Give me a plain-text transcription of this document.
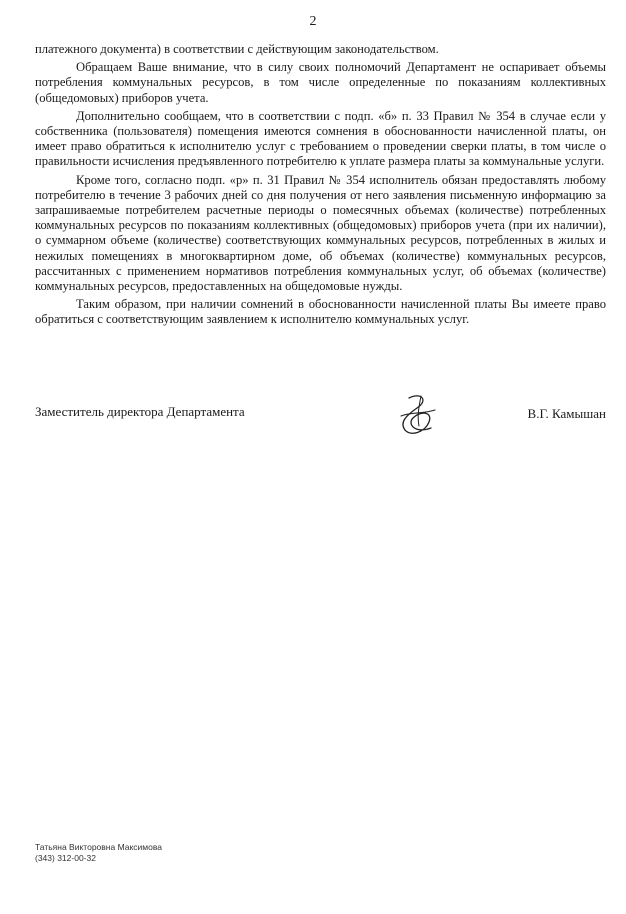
2

платежного документа) в соответствии с действующим законодательством.

Обращаем Ваше внимание, что в силу своих полномочий Департамент не оспаривает объемы потребления коммунальных ресурсов, в том числе определенные по показаниям коллективных (общедомовых) приборов учета.

Дополнительно сообщаем, что в соответствии с подп. «б» п. 33 Правил № 354 в случае если у собственника (пользователя) помещения имеются сомнения в обоснованности начисленной платы, он имеет право обратиться к исполнителю услуг с требованием о проведении сверки платы, в том числе о правильности исчисления предъявленного потребителю к уплате размера платы за коммунальные услуги.

Кроме того, согласно подп. «р» п. 31 Правил № 354 исполнитель обязан предоставлять любому потребителю в течение 3 рабочих дней со дня получения от него заявления письменную информацию за запрашиваемые потребителем расчетные периоды о помесячных объемах (количестве) потребленных коммунальных ресурсов по показаниям коллективных (общедомовых) приборов учета (при их наличии), о суммарном объеме (количестве) соответствующих коммунальных ресурсов, потребленных в жилых и нежилых помещениях в многоквартирном доме, об объемах (количестве) коммунальных ресурсов, рассчитанных с применением нормативов потребления коммунальных услуг, об объемах (количестве) коммунальных ресурсов, предоставленных на общедомовые нужды.

Таким образом, при наличии сомнений в обоснованности начисленной платы Вы имеете право обратиться с соответствующим заявлением к исполнителю коммунальных услуг.

Заместитель директора Департамента	В.Г. Камышан
Татьяна Викторовна Максимова
(343) 312-00-32
